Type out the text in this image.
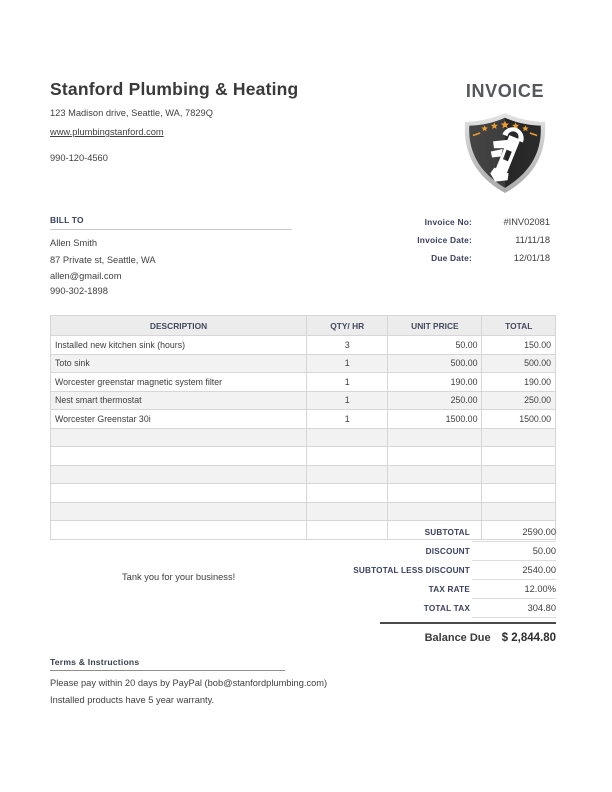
Stanford Plumbing & Heating
123 Madison drive, Seattle, WA, 7829Q
www.plumbingstanford.com
990-120-4560
INVOICE
BILL TO
Allen Smith
87 Private st, Seattle, WA
allen@gmail.com
990-302-1898
Invoice No:	#INV02081
Invoice Date:	11/11/18
Due Date:	12/01/18
DESCRIPTION	QTY/ HR	UNIT PRICE	TOTAL
Installed new kitchen sink (hours)	3	50.00	150.00
Toto sink	1	500.00	500.00
Worcester greenstar magnetic system filter	1	190.00	190.00
Nest smart thermostat	1	250.00	250.00
Worcester Greenstar 30i	1	1500.00	1500.00

Tank you for your business!
SUBTOTAL	2590.00
DISCOUNT	50.00
SUBTOTAL LESS DISCOUNT	2540.00
TAX RATE	12.00%
TOTAL TAX	304.80
Balance Due $ 2,844.80
Terms & Instructions
Please pay within 20 days by PayPal (bob@stanfordplumbing.com)
Installed products have 5 year warranty.
